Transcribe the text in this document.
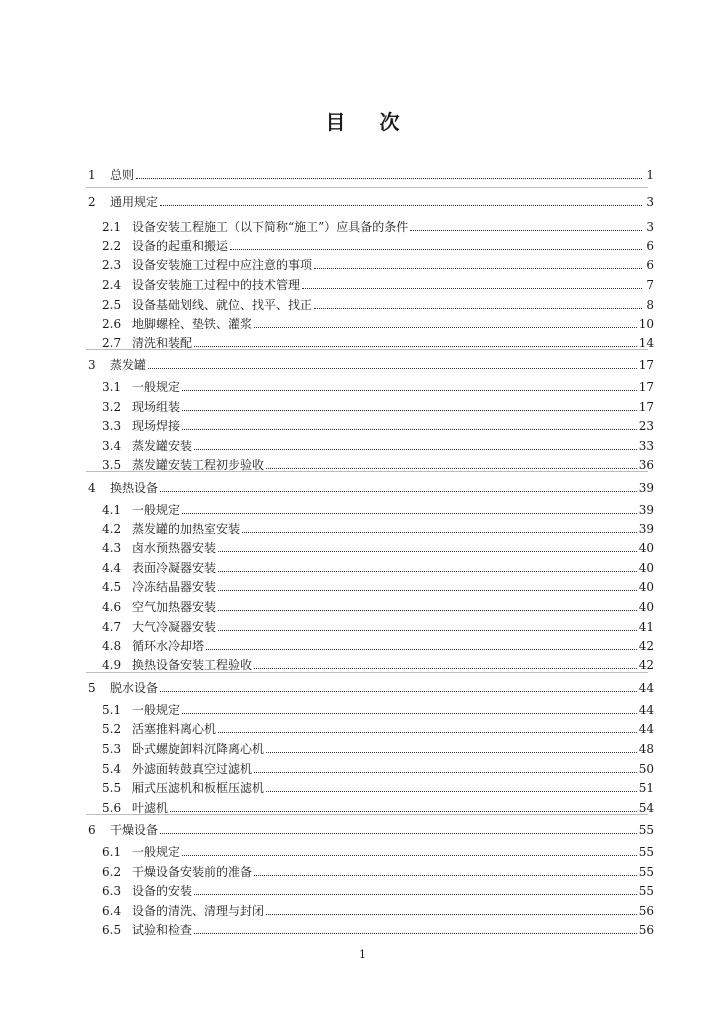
目 次
1 总则	1
2 通用规定	3
2.1 设备安装工程施工（以下简称“施工”）应具备的条件	3
2.2 设备的起重和搬运	6
2.3 设备安装施工过程中应注意的事项	6
2.4 设备安装施工过程中的技术管理	7
2.5 设备基础划线、就位、找平、找正	8
2.6 地脚螺栓、垫铁、灌浆	10
2.7 清洗和装配	14
3 蒸发罐	17
3.1 一般规定	17
3.2 现场组装	17
3.3 现场焊接	23
3.4 蒸发罐安装	33
3.5 蒸发罐安装工程初步验收	36
4 换热设备	39
4.1 一般规定	39
4.2 蒸发罐的加热室安装	39
4.3 卤水预热器安装	40
4.4 表面冷凝器安装	40
4.5 冷冻结晶器安装	40
4.6 空气加热器安装	40
4.7 大气冷凝器安装	41
4.8 循环水冷却塔	42
4.9 换热设备安装工程验收	42
5 脱水设备	44
5.1 一般规定	44
5.2 活塞推料离心机	44
5.3 卧式螺旋卸料沉降离心机	48
5.4 外滤面转鼓真空过滤机	50
5.5 厢式压滤机和板框压滤机	51
5.6 叶滤机	54
6 干燥设备	55
6.1 一般规定	55
6.2 干燥设备安装前的准备	55
6.3 设备的安装	55
6.4 设备的清洗、清理与封闭	56
6.5 试验和检查	56
1
